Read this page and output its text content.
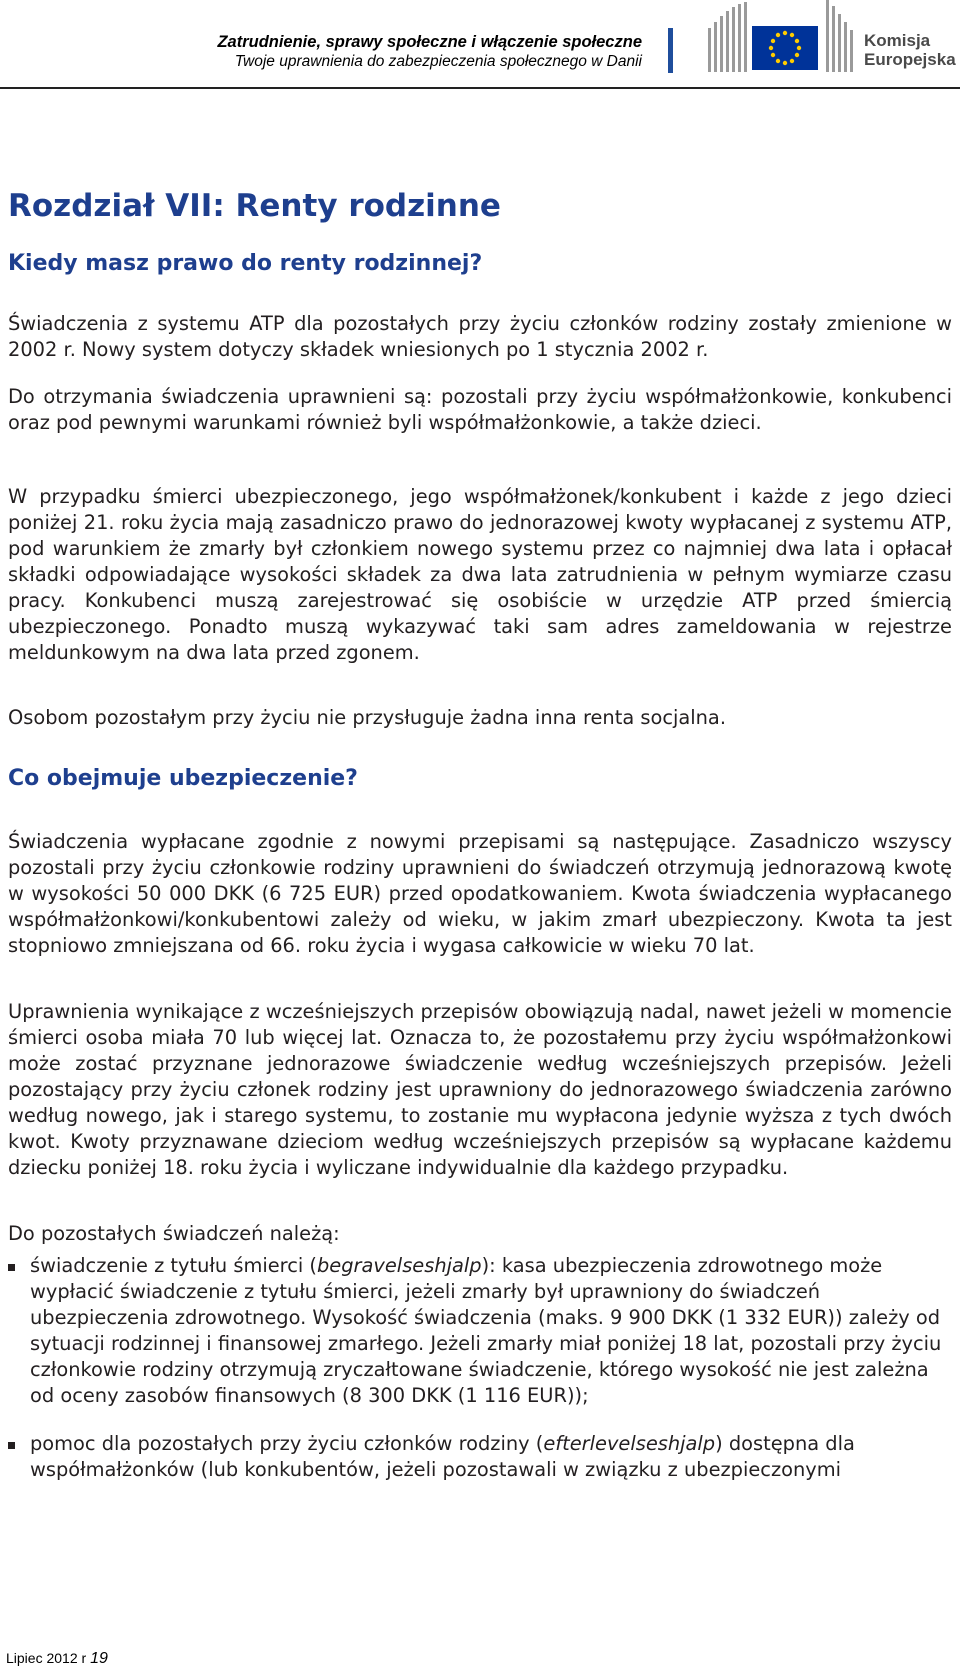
Zatrudnienie, sprawy społeczne i włączenie społeczne
Twoje uprawnienia do zabezpieczenia społecznego w Danii
Komisja
Europejska
Rozdział VII: Renty rodzinne
Kiedy masz prawo do renty rodzinnej?

Świadczenia z systemu ATP dla pozostałych przy życiu członków rodziny zostały zmienione w 2002 r. Nowy system dotyczy składek wniesionych po 1 stycznia 2002 r.

Do otrzymania świadczenia uprawnieni są: pozostali przy życiu współmałżonkowie, konkubenci oraz pod pewnymi warunkami również byli współmałżonkowie, a także dzieci.

W przypadku śmierci ubezpieczonego, jego współmałżonek/konkubent i każde z jego dzieci poniżej 21. roku życia mają zasadniczo prawo do jednorazowej kwoty wypłacanej z systemu ATP, pod warunkiem że zmarły był członkiem nowego systemu przez co najmniej dwa lata i opłacał składki odpowiadające wysokości składek za dwa lata zatrudnienia w pełnym wymiarze czasu pracy. Konkubenci muszą zarejestrować się osobiście w urzędzie ATP przed śmiercią ubezpieczonego. Ponadto muszą wykazywać taki sam adres zameldowania w rejestrze meldunkowym na dwa lata przed zgonem.

Osobom pozostałym przy życiu nie przysługuje żadna inna renta socjalna.

Co obejmuje ubezpieczenie?

Świadczenia wypłacane zgodnie z nowymi przepisami są następujące. Zasadniczo wszyscy pozostali przy życiu członkowie rodziny uprawnieni do świadczeń otrzymują jednorazową kwotę w wysokości 50 000 DKK (6 725 EUR) przed opodatkowaniem. Kwota świadczenia wypłacanego współmałżonkowi/konkubentowi zależy od wieku, w jakim zmarł ubezpieczony. Kwota ta jest stopniowo zmniejszana od 66. roku życia i wygasa całkowicie w wieku 70 lat.

Uprawnienia wynikające z wcześniejszych przepisów obowiązują nadal, nawet jeżeli w momencie śmierci osoba miała 70 lub więcej lat. Oznacza to, że pozostałemu przy życiu współmałżonkowi może zostać przyznane jednorazowe świadczenie według wcześniejszych przepisów. Jeżeli pozostający przy życiu członek rodziny jest uprawniony do jednorazowego świadczenia zarówno według nowego, jak i starego systemu, to zostanie mu wypłacona jedynie wyższa z tych dwóch kwot. Kwoty przyznawane dzieciom według wcześniejszych przepisów są wypłacane każdemu dziecku poniżej 18. roku życia i wyliczane indywidualnie dla każdego przypadku.

Do pozostałych świadczeń należą:

świadczenie z tytułu śmierci (begravelseshjalp): kasa ubezpieczenia zdrowotnego może wypłacić świadczenie z tytułu śmierci, jeżeli zmarły był uprawniony do świadczeń ubezpieczenia zdrowotnego. Wysokość świadczenia (maks. 9 900 DKK (1 332 EUR)) zależy od sytuacji rodzinnej i finansowej zmarłego. Jeżeli zmarły miał poniżej 18 lat, pozostali przy życiu członkowie rodziny otrzymują zryczałtowane świadczenie, którego wysokość nie jest zależna od oceny zasobów finansowych (8 300 DKK (1 116 EUR));
pomoc dla pozostałych przy życiu członków rodziny (efterlevelseshjalp) dostępna dla współmałżonków (lub konkubentów, jeżeli pozostawali w związku z ubezpieczonymi
Lipiec 2012 r 19
